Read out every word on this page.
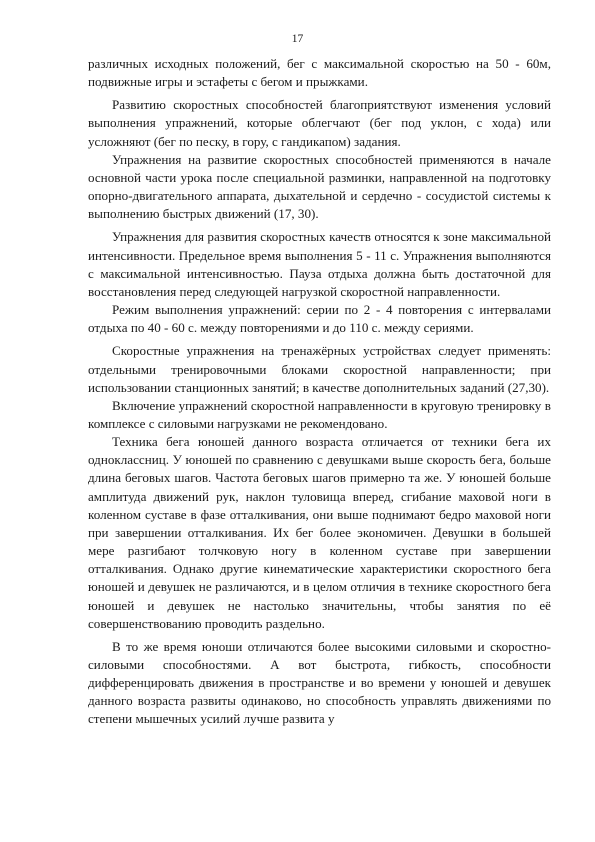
17

различных исходных положений, бег с максимальной скоростью на 50 - 60м, подвижные игры и эстафеты с бегом и прыжками.

Развитию скоростных способностей благоприятствуют изменения условий выполнения упражнений, которые облегчают (бег под уклон, с хода) или усложняют (бег по песку, в гору, с гандикапом) задания.

Упражнения на развитие скоростных способностей применяются в начале основной части урока после специальной разминки, направленной на подготовку опорно-двигательного аппарата, дыхательной и сердечно - сосудистой системы к выполнению быстрых движений (17, 30).

Упражнения для развития скоростных качеств относятся к зоне максимальной интенсивности. Предельное время выполнения 5 - 11 с. Упражнения выполняются с максимальной интенсивностью. Пауза отдыха должна быть достаточной для восстановления перед следующей нагрузкой скоростной направленности.

Режим выполнения упражнений: серии по 2 - 4 повторения с интервалами отдыха по 40 - 60 с. между повторениями и до 110 с. между сериями.

Скоростные упражнения на тренажёрных устройствах следует применять: отдельными тренировочными блоками скоростной направленности; при использовании станционных занятий; в качестве дополнительных заданий (27,30).

Включение упражнений скоростной направленности в круговую тренировку в комплексе с силовыми нагрузками не рекомендовано.

Техника бега юношей данного возраста отличается от техники бега их одноклассниц. У юношей по сравнению с девушками выше скорость бега, больше длина беговых шагов. Частота беговых шагов примерно та же. У юношей больше амплитуда движений рук, наклон туловища вперед, сгибание маховой ноги в коленном суставе в фазе отталкивания, они выше поднимают бедро маховой ноги при завершении отталкивания. Их бег более экономичен. Девушки в большей мере разгибают толчковую ногу в коленном суставе при завершении отталкивания. Однако другие кинематические характеристики скоростного бега юношей и девушек не различаются, и в целом отличия в технике скоростного бега юношей и девушек не настолько значительны, чтобы занятия по её совершенствованию проводить раздельно.

В то же время юноши отличаются более высокими силовыми и скоростно-силовыми способностями. А вот быстрота, гибкость, способности дифференцировать движения в пространстве и во времени у юношей и девушек данного возраста развиты одинаково, но способность управлять движениями по степени мышечных усилий лучше развита у
